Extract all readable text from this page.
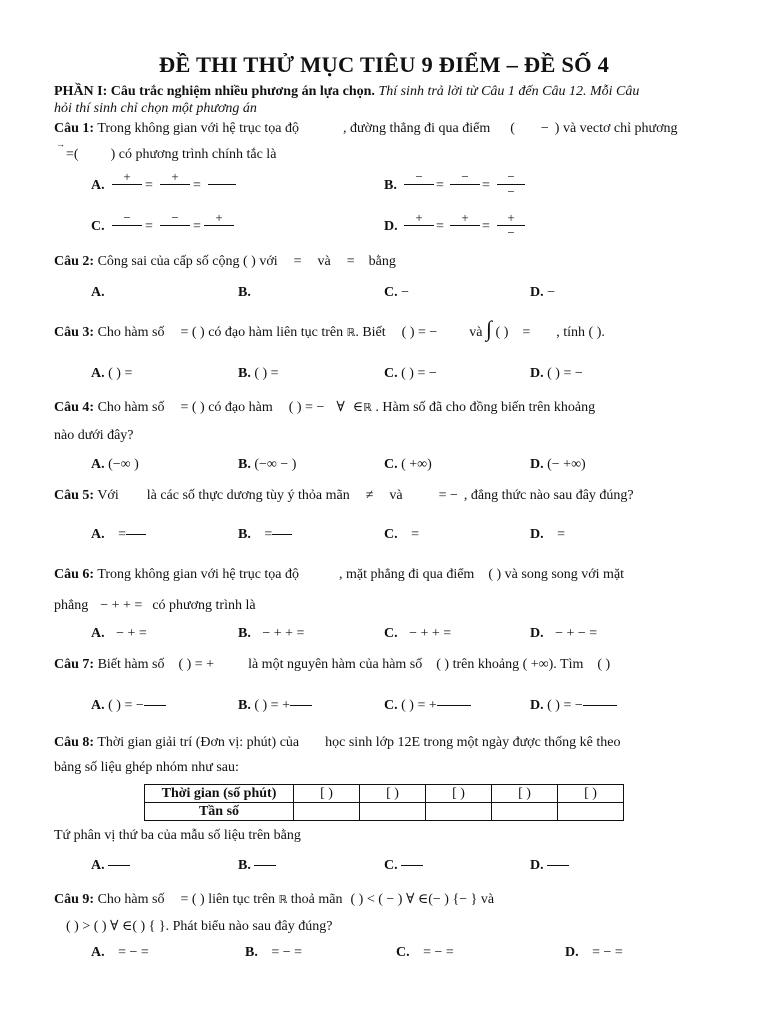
ĐỀ THI THỬ MỤC TIÊU 9 ĐIỂM – ĐỀ SỐ 4
PHẦN I: Câu trắc nghiệm nhiều phương án lựa chọn. Thí sinh trả lời từ Câu 1 đến Câu 12. Mỗi Câu
hỏi thí sinh chỉ chọn một phương án
Câu 1: Trong không gian với hệ trục tọa độ	, đường thẳng đi qua điểm ( − ) và vectơ chỉ phương
→
=( ) có phương trình chính tắc là
A.
+
=
+
=	B.
−
=
−
=
−
−
C.
−
=
−
=
+
D.
+
=
+
=
+
−
Câu 2: Công sai của cấp số cộng ( ) với = và = bằng
A.	B.	C. −	D. −
Câu 3: Cho hàm số = ( ) có đạo hàm liên tục trên ℝ. Biết ( ) = − và ∫ ( ) = , tính ( ).
A. ( ) =	B. ( ) =	C. ( ) = −	D. ( ) = −
Câu 4: Cho hàm số = ( ) có đạo hàm ( ) = − ∀ ∈ℝ . Hàm số đã cho đồng biến trên khoảng
nào dưới đây?
A. (−∞ )	B. (−∞ − )	C. ( +∞)	D. (− +∞)
Câu 5: Với là các số thực dương tùy ý thỏa mãn ≠ và	= − , đẳng thức nào sau đây đúng?
A. =	B. =	C. =	D. =
Câu 6: Trong không gian với hệ trục tọa độ	, mặt phẳng đi qua điểm ( ) và song song với mặt
phẳng − + + = có phương trình là
A. − + =	B. − + + =	C. − + + =	D. − + − =
Câu 7: Biết hàm số ( ) = + là một nguyên hàm của hàm số ( ) trên khoảng ( +∞). Tìm ( )
A. ( ) = −	B. ( ) = +	C. ( ) = +	D. ( ) = −
Câu 8: Thời gian giải trí (Đơn vị: phút) của học sinh lớp 12E trong một ngày được thống kê theo
bảng số liệu ghép nhóm như sau:
Thời gian (số phút)	[ )	[ )	[ )	[ )	[ )
Tần số					
Tứ phân vị thứ ba của mẫu số liệu trên bằng
A.	B.	C.	D.
Câu 9: Cho hàm số = ( ) liên tục trên ℝ thoả mãn ( ) < ( − ) ∀ ∈(− ) {− } và
( ) > ( ) ∀ ∈( ) { }. Phát biểu nào sau đây đúng?
A. = − =	B. = − =	C. = − =	D. = − =
